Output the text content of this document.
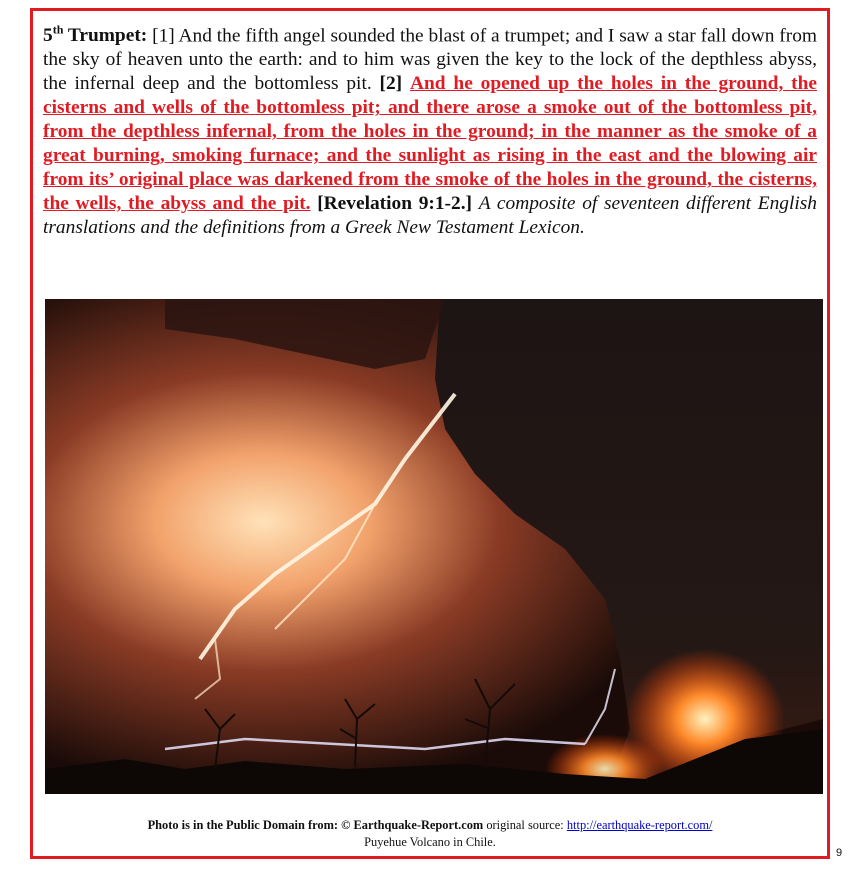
5th Trumpet: [1] And the fifth angel sounded the blast of a trumpet; and I saw a star fall down from the sky of heaven unto the earth: and to him was given the key to the lock of the depthless abyss, the infernal deep and the bottomless pit. [2] And he opened up the holes in the ground, the cisterns and wells of the bottomless pit; and there arose a smoke out of the bottomless pit, from the depthless infernal, from the holes in the ground; in the manner as the smoke of a great burning, smoking furnace; and the sunlight as rising in the east and the blowing air from its’ original place was darkened from the smoke of the holes in the ground, the cisterns, the wells, the abyss and the pit. [Revelation 9:1-2.] A composite of seventeen different English translations and the definitions from a Greek New Testament Lexicon.
Photo is in the Public Domain from: © Earthquake-Report.com original source: http://earthquake-report.com/
Puyehue Volcano in Chile.
9
